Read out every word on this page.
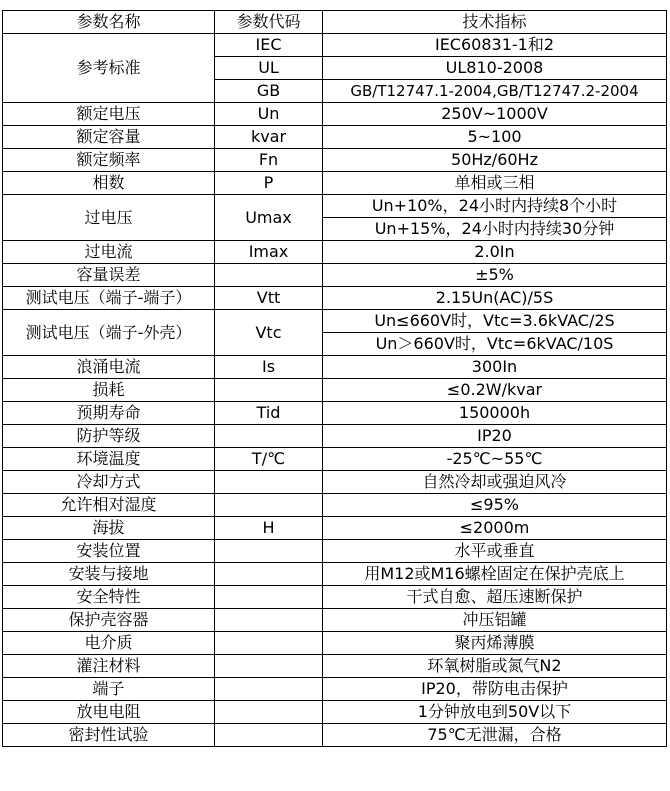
参数名称	参数代码	技术指标
参考标准	IEC	IEC60831-1和2
	UL	UL810-2008
	GB	GB/T12747.1-2004,GB/T12747.2-2004
额定电压	Un	250V~1000V
额定容量	kvar	5~100
额定频率	Fn	50Hz/60Hz
相数	P	单相或三相
过电压	Umax	Un+10%，24小时内持续8个小时
		Un+15%，24小时内持续30分钟
过电流	Imax	2.0In
容量误差		±5%
测试电压（端子-端子）	Vtt	2.15Un(AC)/5S
测试电压（端子-外壳）	Vtc	Un≤660V时，Vtc=3.6kVAC/2S
		Un＞660V时，Vtc=6kVAC/10S
浪涌电流	Is	300In
损耗		≤0.2W/kvar
预期寿命	Tid	150000h
防护等级		IP20
环境温度	T/℃	-25℃~55℃
冷却方式		自然冷却或强迫风冷
允许相对湿度		≤95%
海拔	H	≤2000m
安装位置		水平或垂直
安装与接地		用M12或M16螺栓固定在保护壳底上
安全特性		干式自愈、超压速断保护
保护壳容器		冲压铝罐
电介质		聚丙烯薄膜
灌注材料		环氧树脂或氮气N2
端子		IP20，带防电击保护
放电电阻		1分钟放电到50V以下
密封性试验		75℃无泄漏，合格
